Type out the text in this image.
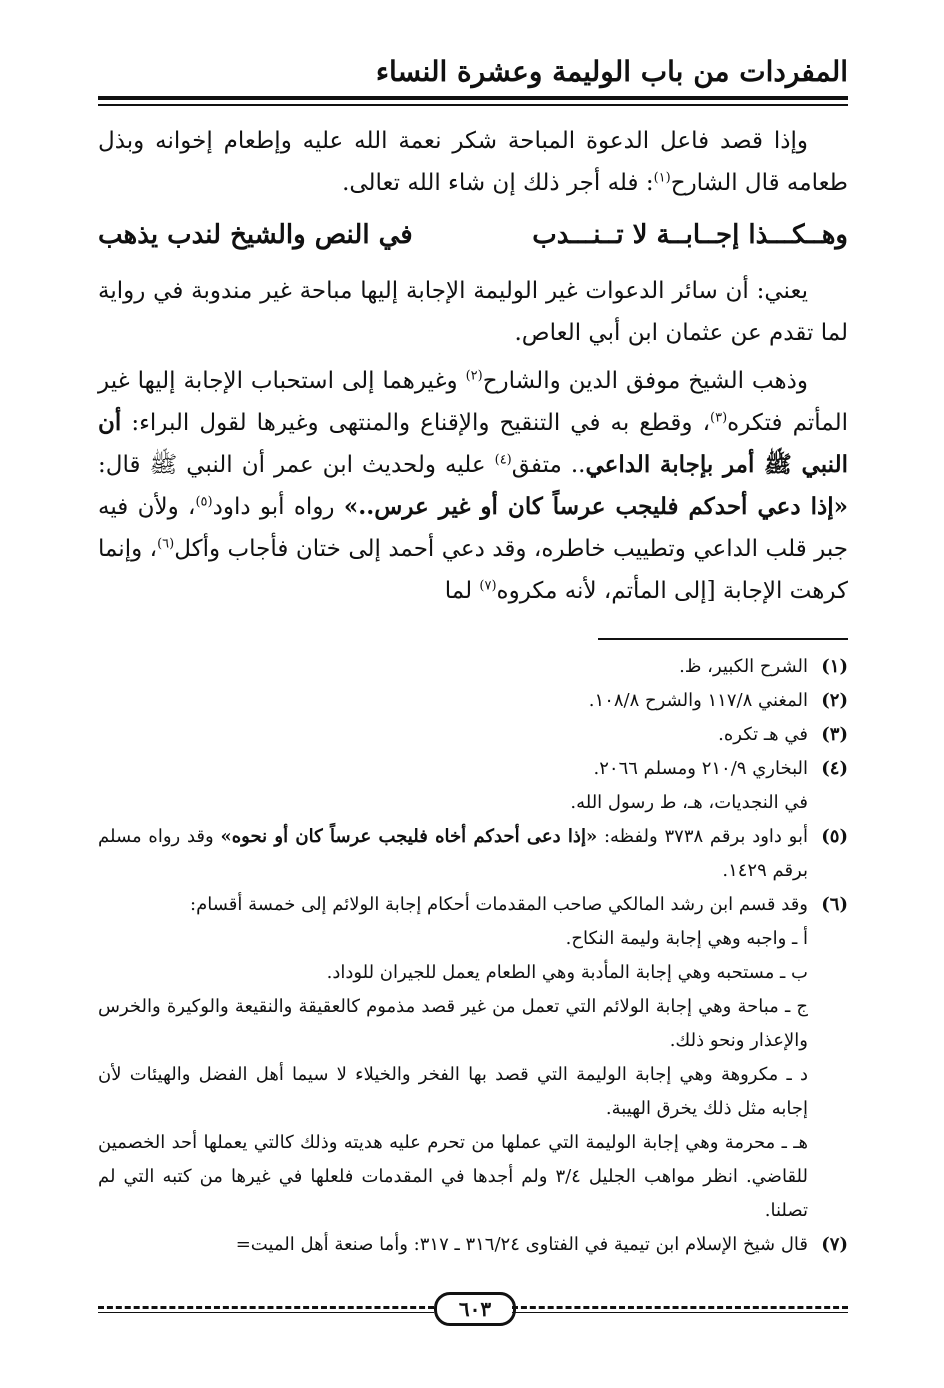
المفردات من باب الوليمة وعشرة النساء

وإذا قصد فاعل الدعوة المباحة شكر نعمة الله عليه وإطعام إخوانه وبذل طعامه قال الشارح$^{(١)}$: فله أجر ذلك إن شاء الله تعالى.

وهــكـــذا إجــابــة لا تــنـــدب
في النص والشيخ لندب يذهب

يعني: أن سائر الدعوات غير الوليمة الإجابة إليها مباحة غير مندوبة في رواية لما تقدم عن عثمان ابن أبي العاص.

وذهب الشيخ موفق الدين والشارح$^{(٢)}$ وغيرهما إلى استحباب الإجابة إليها غير المأتم فتكره$^{(٣)}$، وقطع به في التنقيح والإقناع والمنتهى وغيرها لقول البراء: أن النبي ﷺ أمر بإجابة الداعي.. متفق$^{(٤)}$ عليه ولحديث ابن عمر أن النبي ﷺ قال: «إذا دعي أحدكم فليجب عرساً كان أو غير عرس..» رواه أبو داود$^{(٥)}$، ولأن فيه جبر قلب الداعي وتطييب خاطره، وقد دعي أحمد إلى ختان فأجاب وأكل$^{(٦)}$، وإنما كرهت الإجابة [إلى المأتم، لأنه مكروه$^{(٧)}$ لما

(١)
الشرح الكبير، ظ.
(٢)
المغني ١١٧/٨ والشرح ١٠٨/٨.
(٣)
في هـ تكره.
(٤)
البخاري ٢١٠/٩ ومسلم ٢٠٦٦.
في النجديات، هـ، ط رسول الله.
(٥)
أبو داود برقم ٣٧٣٨ ولفظه: «إذا دعى أحدكم أخاه فليجب عرساً كان أو نحوه» وقد رواه مسلم برقم ١٤٢٩.
(٦)
وقد قسم ابن رشد المالكي صاحب المقدمات أحكام إجابة الولائم إلى خمسة أقسام:
أ ـ واجبه وهي إجابة وليمة النكاح.
ب ـ مستحبه وهي إجابة المأدبة وهي الطعام يعمل للجيران للوداد.
ج ـ مباحة وهي إجابة الولائم التي تعمل من غير قصد مذموم كالعقيقة والنقيعة والوكيرة والخرس والإعذار ونحو ذلك.
د ـ مكروهة وهي إجابة الوليمة التي قصد بها الفخر والخيلاء لا سيما أهل الفضل والهيئات لأن إجابه مثل ذلك يخرق الهيبة.
هـ ـ محرمة وهي إجابة الوليمة التي عملها من تحرم عليه هديته وذلك كالتي يعملها أحد الخصمين للقاضي. انظر مواهب الجليل ٣/٤ ولم أجدها في المقدمات فلعلها في غيرها من كتبه التي لم تصلنا.
(٧)
قال شيخ الإسلام ابن تيمية في الفتاوى ٣١٦/٢٤ ـ ٣١٧: وأما صنعة أهل الميت=
٦٠٣
